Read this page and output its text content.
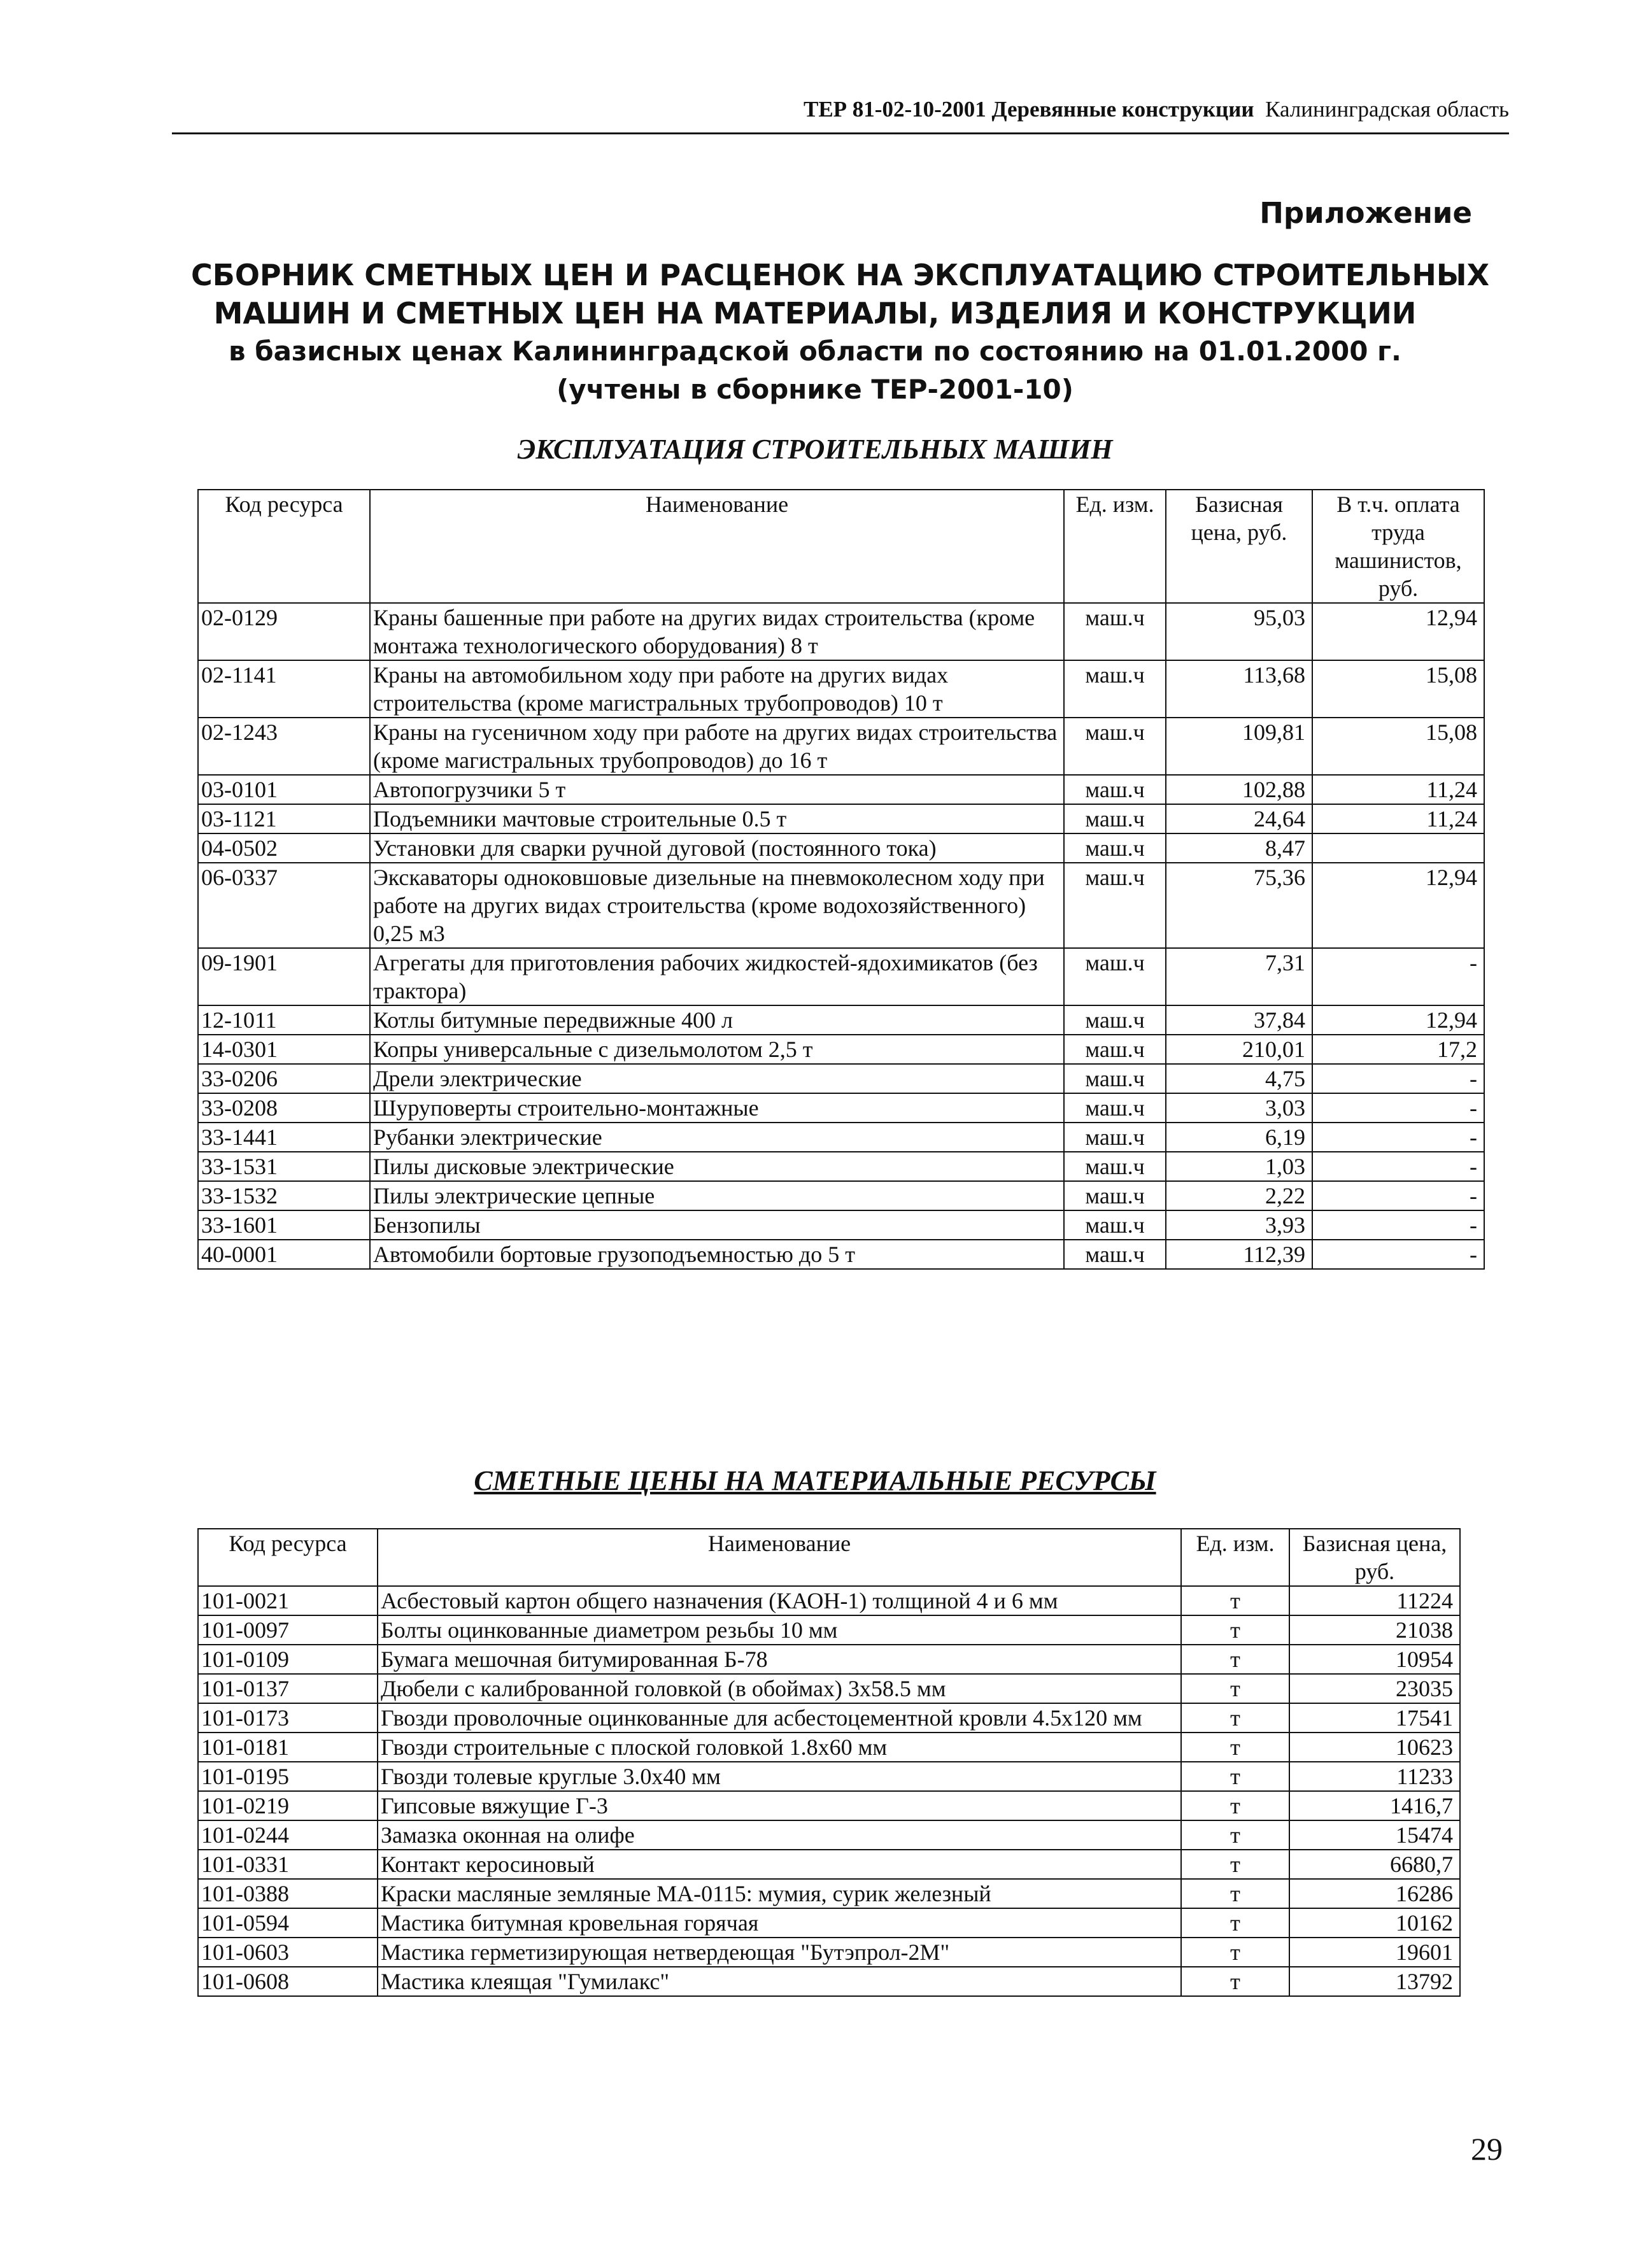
ТЕР 81-02-10-2001 Деревянные конструкции Калининградская область
Приложение
СБОРНИК СМЕТНЫХ ЦЕН И РАСЦЕНОК НА ЭКСПЛУАТАЦИЮ СТРОИТЕЛЬНЫХ
МАШИН И СМЕТНЫХ ЦЕН НА МАТЕРИАЛЫ, ИЗДЕЛИЯ И КОНСТРУКЦИИ
в базисных ценах Калининградской области по состоянию на 01.01.2000 г.
(учтены в сборнике ТЕР-2001-10)
ЭКСПЛУАТАЦИЯ СТРОИТЕЛЬНЫХ МАШИН
Код ресурса	Наименование	Ед. изм.	Базисная цена, руб.	В т.ч. оплата труда машинистов, руб.
02-0129	Краны башенные при работе на других видах строительства (кроме монтажа технологического оборудования) 8 т	маш.ч	95,03	12,94
02-1141	Краны на автомобильном ходу при работе на других видах строительства (кроме магистральных трубопроводов) 10 т	маш.ч	113,68	15,08
02-1243	Краны на гусеничном ходу при работе на других видах строительства (кроме магистральных трубопроводов) до 16 т	маш.ч	109,81	15,08
03-0101	Автопогрузчики 5 т	маш.ч	102,88	11,24
03-1121	Подъемники мачтовые строительные 0.5 т	маш.ч	24,64	11,24
04-0502	Установки для сварки ручной дуговой (постоянного тока)	маш.ч	8,47	
06-0337	Экскаваторы одноковшовые дизельные на пневмоколесном ходу при работе на других видах строительства (кроме водохозяйственного) 0,25 м3	маш.ч	75,36	12,94
09-1901	Агрегаты для приготовления рабочих жидкостей-ядохимикатов (без трактора)	маш.ч	7,31	-
12-1011	Котлы битумные передвижные 400 л	маш.ч	37,84	12,94
14-0301	Копры универсальные с дизельмолотом 2,5 т	маш.ч	210,01	17,2
33-0206	Дрели электрические	маш.ч	4,75	-
33-0208	Шуруповерты строительно-монтажные	маш.ч	3,03	-
33-1441	Рубанки электрические	маш.ч	6,19	-
33-1531	Пилы дисковые электрические	маш.ч	1,03	-
33-1532	Пилы электрические цепные	маш.ч	2,22	-
33-1601	Бензопилы	маш.ч	3,93	-
40-0001	Автомобили бортовые грузоподъемностью до 5 т	маш.ч	112,39	-
СМЕТНЫЕ ЦЕНЫ НА МАТЕРИАЛЬНЫЕ РЕСУРСЫ
Код ресурса	Наименование	Ед. изм.	Базисная цена, руб.
101-0021	Асбестовый картон общего назначения (КАОН-1) толщиной 4 и 6 мм	т	11224
101-0097	Болты оцинкованные диаметром резьбы 10 мм	т	21038
101-0109	Бумага мешочная битумированная Б-78	т	10954
101-0137	Дюбели с калиброванной головкой (в обоймах) 3х58.5 мм	т	23035
101-0173	Гвозди проволочные оцинкованные для асбестоцементной кровли 4.5х120 мм	т	17541
101-0181	Гвозди строительные с плоской головкой 1.8х60 мм	т	10623
101-0195	Гвозди толевые круглые 3.0х40 мм	т	11233
101-0219	Гипсовые вяжущие Г-3	т	1416,7
101-0244	Замазка оконная на олифе	т	15474
101-0331	Контакт керосиновый	т	6680,7
101-0388	Краски масляные земляные МА-0115: мумия, сурик железный	т	16286
101-0594	Мастика битумная кровельная горячая	т	10162
101-0603	Мастика герметизирующая нетвердеющая "Бутэпрол-2М"	т	19601
101-0608	Мастика клеящая "Гумилакс"	т	13792
29
